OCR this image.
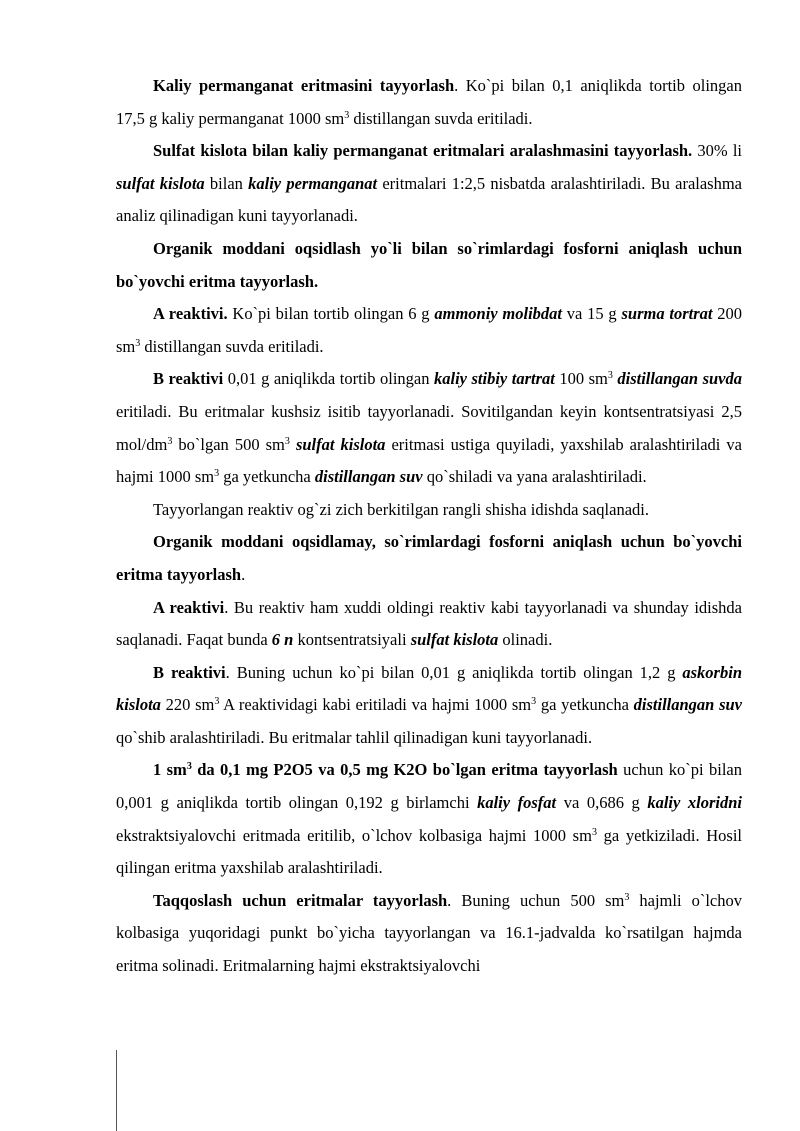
Kaliy permanganat eritmasini tayyorlash. Ko`pi bilan 0,1 aniqlikda tortib olingan 17,5 g kaliy permanganat 1000 $sm^3$ distillangan suvda eritiladi.

Sulfat kislota bilan kaliy permanganat eritmalari aralashmasini tayyorlash. 30% li sulfat kislota bilan kaliy permanganat eritmalari 1:2,5 nisbatda aralashtiriladi. Bu aralashma analiz qilinadigan kuni tayyorlanadi.

Organik moddani oqsidlash yo`li bilan so`rimlardagi fosforni aniqlash uchun bo`yovchi eritma tayyorlash.

A reaktivi. Ko`pi bilan tortib olingan 6 g ammoniy molibdat va 15 g surma tortrat 200 $sm^3$ distillangan suvda eritiladi.

B reaktivi 0,01 g aniqlikda tortib olingan kaliy stibiy tartrat 100 $sm^3$ distillangan suvda eritiladi. Bu eritmalar kushsiz isitib tayyorlanadi. Sovitilgandan keyin kontsentratsiyasi 2,5 mol/$dm^3$ bo`lgan 500 $sm^3$ sulfat kislota eritmasi ustiga quyiladi, yaxshilab aralashtiriladi va hajmi 1000 $sm^3$ ga yetkuncha distillangan suv qo`shiladi va yana aralashtiriladi.

Tayyorlangan reaktiv og`zi zich berkitilgan rangli shisha idishda saqlanadi.

Organik moddani oqsidlamay, so`rimlardagi fosforni aniqlash uchun bo`yovchi eritma tayyorlash.

A reaktivi. Bu reaktiv ham xuddi oldingi reaktiv kabi tayyorlanadi va shunday idishda saqlanadi. Faqat bunda 6 n kontsentratsiyali sulfat kislota olinadi.

B reaktivi. Buning uchun ko`pi bilan 0,01 g aniqlikda tortib olingan 1,2 g askorbin kislota 220 $sm^3$ A reaktividagi kabi eritiladi va hajmi 1000 $sm^3$ ga yetkuncha distillangan suv qo`shib aralashtiriladi. Bu eritmalar tahlil qilinadigan kuni tayyorlanadi.

1 $sm^3$ da 0,1 mg P2O5 va 0,5 mg K2O bo`lgan eritma tayyorlash uchun ko`pi bilan 0,001 g aniqlikda tortib olingan 0,192 g birlamchi kaliy fosfat va 0,686 g kaliy xloridni ekstraktsiyalovchi eritmada eritilib, o`lchov kolbasiga hajmi 1000 $sm^3$ ga yetkiziladi. Hosil qilingan eritma yaxshilab aralashtiriladi.

Taqqoslash uchun eritmalar tayyorlash. Buning uchun 500 $sm^3$ hajmli o`lchov kolbasiga yuqoridagi punkt bo`yicha tayyorlangan va 16.1-jadvalda ko`rsatilgan hajmda eritma solinadi. Eritmalarning hajmi ekstraktsiyalovchi
